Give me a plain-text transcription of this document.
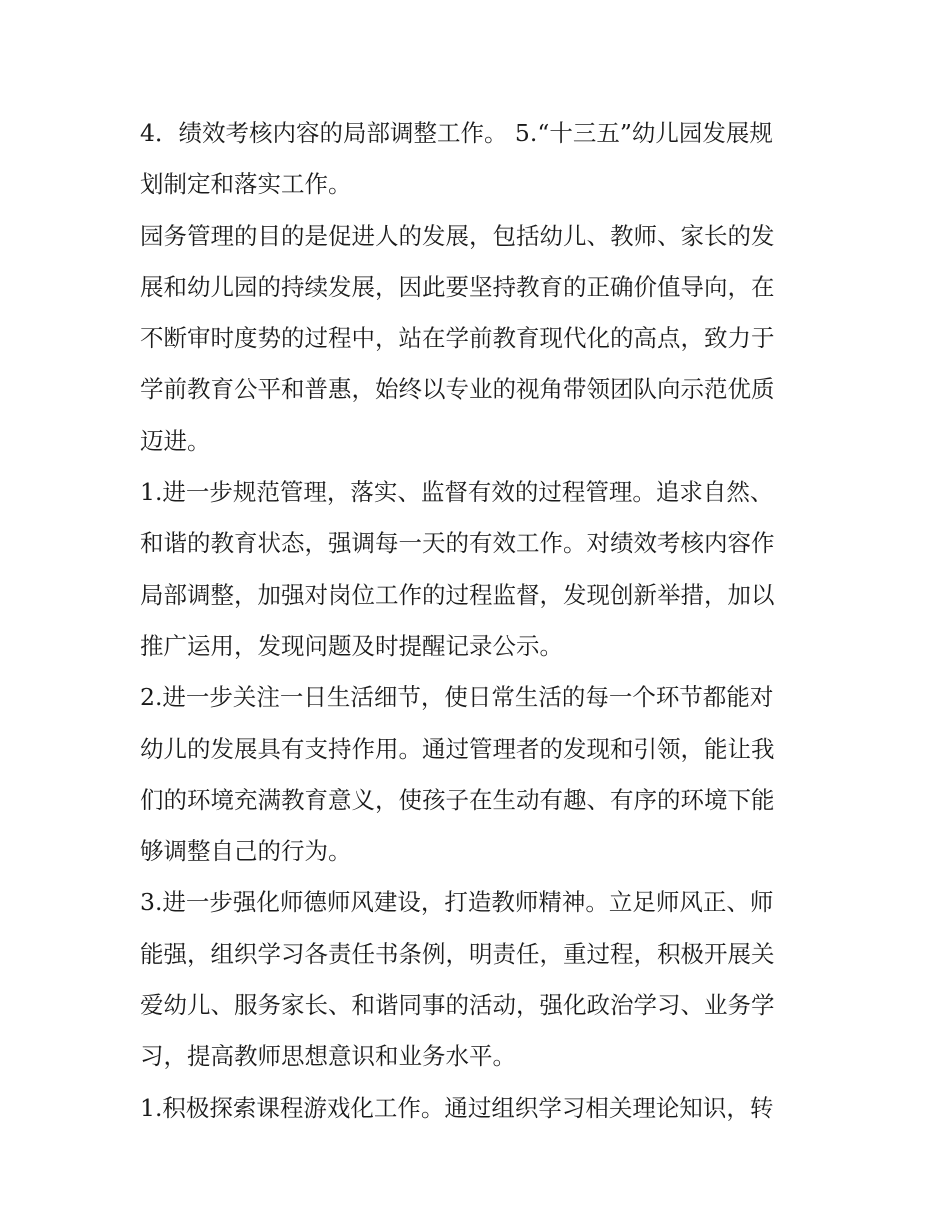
4．绩效考核内容的局部调整工作。 5.“十三五”幼儿园发展规
划制定和落实工作。
园务管理的目的是促进人的发展，包括幼儿、教师、家长的发
展和幼儿园的持续发展，因此要坚持教育的正确价值导向，在
不断审时度势的过程中，站在学前教育现代化的高点，致力于
学前教育公平和普惠，始终以专业的视角带领团队向示范优质
迈进。
1.进一步规范管理，落实、监督有效的过程管理。追求自然、
和谐的教育状态，强调每一天的有效工作。对绩效考核内容作
局部调整，加强对岗位工作的过程监督，发现创新举措，加以
推广运用，发现问题及时提醒记录公示。
2.进一步关注一日生活细节，使日常生活的每一个环节都能对
幼儿的发展具有支持作用。通过管理者的发现和引领，能让我
们的环境充满教育意义，使孩子在生动有趣、有序的环境下能
够调整自己的行为。
3.进一步强化师德师风建设，打造教师精神。立足师风正、师
能强，组织学习各责任书条例，明责任，重过程，积极开展关
爱幼儿、服务家长、和谐同事的活动，强化政治学习、业务学
习，提高教师思想意识和业务水平。
1.积极探索课程游戏化工作。通过组织学习相关理论知识，转
